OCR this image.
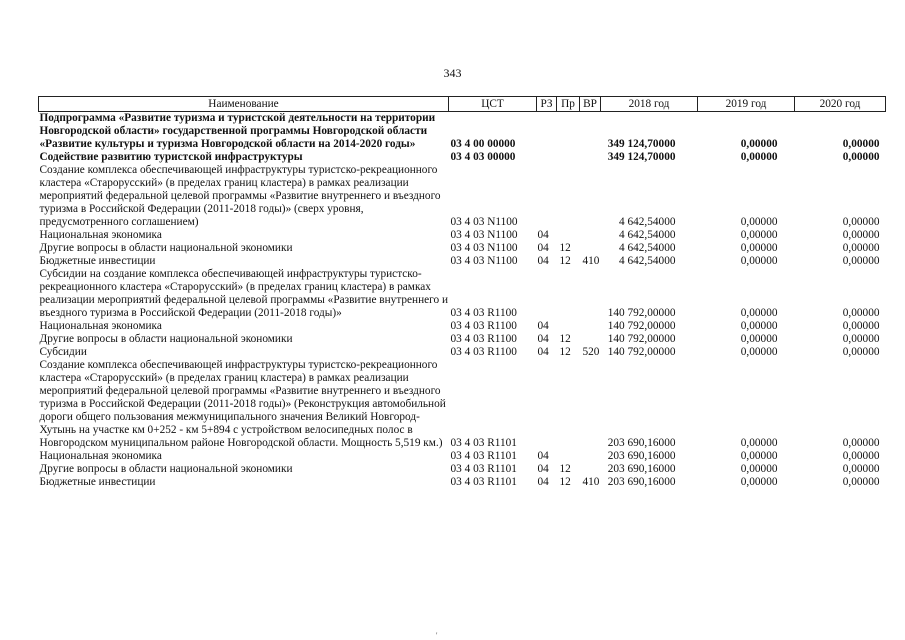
343
Наименование	ЦСТ	РЗ	Пр	ВР	2018 год	2019 год	2020 год
Подпрограмма «Развитие туризма и туристской деятельности на территории Новгородской области» государственной программы Новгородской области «Развитие культуры и туризма Новгородской области на 2014-2020 годы»	03 4 00 00000				349 124,70000	0,00000	0,00000
Содействие развитию туристской инфраструктуры	03 4 03 00000				349 124,70000	0,00000	0,00000
Создание комплекса обеспечивающей инфраструктуры туристско-рекреационного кластера «Старорусский» (в пределах границ кластера) в рамках реализации мероприятий федеральной целевой программы «Развитие внутреннего и въездного туризма в Российской Федерации (2011-2018 годы)» (сверх уровня, предусмотренного соглашением)	03 4 03 N1100				4 642,54000	0,00000	0,00000
Национальная экономика	03 4 03 N1100	04			4 642,54000	0,00000	0,00000
Другие вопросы в области национальной экономики	03 4 03 N1100	04	12		4 642,54000	0,00000	0,00000
Бюджетные инвестиции	03 4 03 N1100	04	12	410	4 642,54000	0,00000	0,00000
Субсидии на создание комплекса обеспечивающей инфраструктуры туристско-рекреационного кластера «Старорусский» (в пределах границ кластера) в рамках реализации мероприятий федеральной целевой программы «Развитие внутреннего и въездного туризма в Российской Федерации (2011-2018 годы)»	03 4 03 R1100				140 792,00000	0,00000	0,00000
Национальная экономика	03 4 03 R1100	04			140 792,00000	0,00000	0,00000
Другие вопросы в области национальной экономики	03 4 03 R1100	04	12		140 792,00000	0,00000	0,00000
Субсидии	03 4 03 R1100	04	12	520	140 792,00000	0,00000	0,00000
Создание комплекса обеспечивающей инфраструктуры туристско-рекреационного кластера «Старорусский» (в пределах границ кластера) в рамках реализации мероприятий федеральной целевой программы «Развитие внутреннего и въездного туризма в Российской Федерации (2011-2018 годы)» (Реконструкция автомобильной дороги общего пользования межмуниципального значения Великий Новгород-Хутынь на участке км 0+252 - км 5+894 с устройством велосипедных полос в Новгородском муниципальном районе Новгородской области. Мощность 5,519 км.)	03 4 03 R1101				203 690,16000	0,00000	0,00000
Национальная экономика	03 4 03 R1101	04			203 690,16000	0,00000	0,00000
Другие вопросы в области национальной экономики	03 4 03 R1101	04	12		203 690,16000	0,00000	0,00000
Бюджетные инвестиции	03 4 03 R1101	04	12	410	203 690,16000	0,00000	0,00000
'
